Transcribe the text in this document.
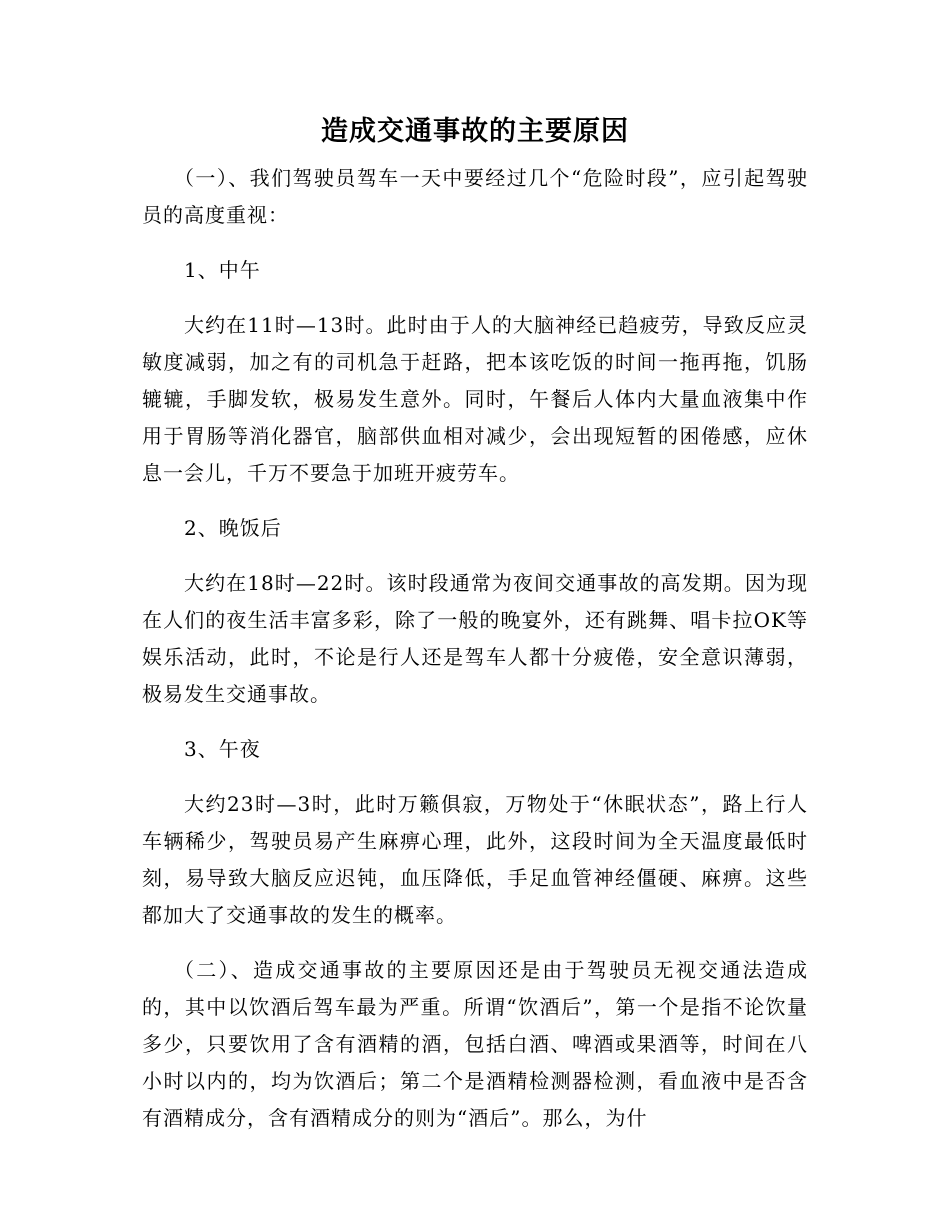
造成交通事故的主要原因

（一）、我们驾驶员驾车一天中要经过几个“危险时段”，应引起驾驶员的高度重视：

1、中午

大约在11时—13时。此时由于人的大脑神经已趋疲劳，导致反应灵敏度减弱，加之有的司机急于赶路，把本该吃饭的时间一拖再拖，饥肠辘辘，手脚发软，极易发生意外。同时，午餐后人体内大量血液集中作用于胃肠等消化器官，脑部供血相对减少，会出现短暂的困倦感，应休息一会儿，千万不要急于加班开疲劳车。

2、晚饭后

大约在18时—22时。该时段通常为夜间交通事故的高发期。因为现在人们的夜生活丰富多彩，除了一般的晚宴外，还有跳舞、唱卡拉OK等娱乐活动，此时，不论是行人还是驾车人都十分疲倦，安全意识薄弱，极易发生交通事故。

3、午夜

大约23时—3时，此时万籁俱寂，万物处于“休眠状态”，路上行人车辆稀少，驾驶员易产生麻痹心理，此外，这段时间为全天温度最低时刻，易导致大脑反应迟钝，血压降低，手足血管神经僵硬、麻痹。这些都加大了交通事故的发生的概率。

（二）、造成交通事故的主要原因还是由于驾驶员无视交通法造成的，其中以饮酒后驾车最为严重。所谓“饮酒后”，第一个是指不论饮量多少，只要饮用了含有酒精的酒，包括白酒、啤酒或果酒等，时间在八小时以内的，均为饮酒后；第二个是酒精检测器检测，看血液中是否含有酒精成分，含有酒精成分的则为“酒后”。那么，为什
